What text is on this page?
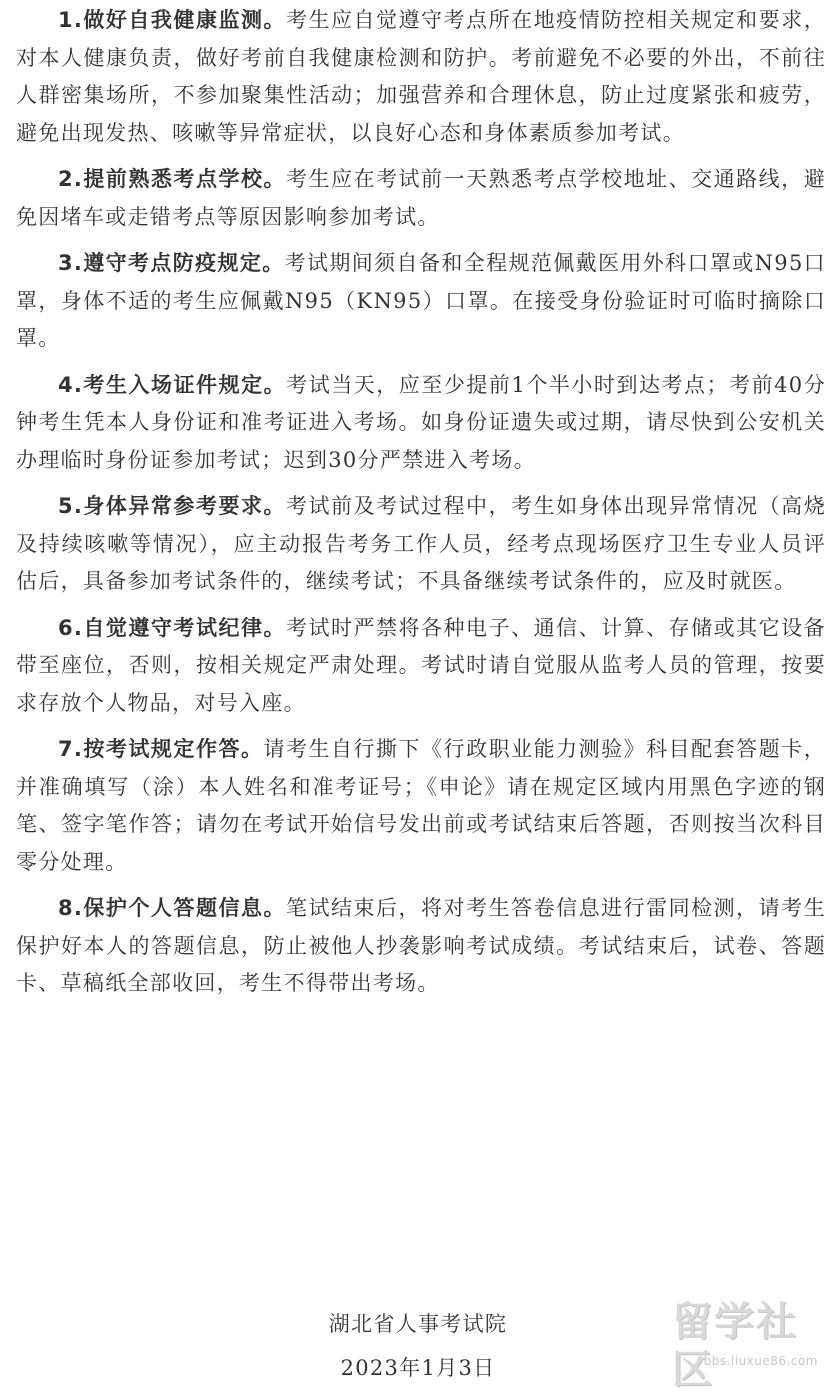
1.做好自我健康监测。考生应自觉遵守考点所在地疫情防控相关规定和要求，对本人健康负责，做好考前自我健康检测和防护。考前避免不必要的外出，不前往人群密集场所，不参加聚集性活动；加强营养和合理休息，防止过度紧张和疲劳，避免出现发热、咳嗽等异常症状，以良好心态和身体素质参加考试。

2.提前熟悉考点学校。考生应在考试前一天熟悉考点学校地址、交通路线，避免因堵车或走错考点等原因影响参加考试。

3.遵守考点防疫规定。考试期间须自备和全程规范佩戴医用外科口罩或N95口罩，身体不适的考生应佩戴N95（KN95）口罩。在接受身份验证时可临时摘除口罩。

4.考生入场证件规定。考试当天，应至少提前1个半小时到达考点；考前40分钟考生凭本人身份证和准考证进入考场。如身份证遗失或过期，请尽快到公安机关办理临时身份证参加考试；迟到30分严禁进入考场。

5.身体异常参考要求。考试前及考试过程中，考生如身体出现异常情况（高烧及持续咳嗽等情况），应主动报告考务工作人员，经考点现场医疗卫生专业人员评估后，具备参加考试条件的，继续考试；不具备继续考试条件的，应及时就医。

6.自觉遵守考试纪律。考试时严禁将各种电子、通信、计算、存储或其它设备带至座位，否则，按相关规定严肃处理。考试时请自觉服从监考人员的管理，按要求存放个人物品，对号入座。

7.按考试规定作答。请考生自行撕下《行政职业能力测验》科目配套答题卡，并准确填写（涂）本人姓名和准考证号；《申论》请在规定区域内用黑色字迹的钢笔、签字笔作答；请勿在考试开始信号发出前或考试结束后答题，否则按当次科目零分处理。

8.保护个人答题信息。笔试结束后，将对考生答卷信息进行雷同检测，请考生保护好本人的答题信息，防止被他人抄袭影响考试成绩。考试结束后，试卷、答题卡、草稿纸全部收回，考生不得带出考场。

湖北省人事考试院
2023年1月3日
留学社区
bbs.liuxue86.com
